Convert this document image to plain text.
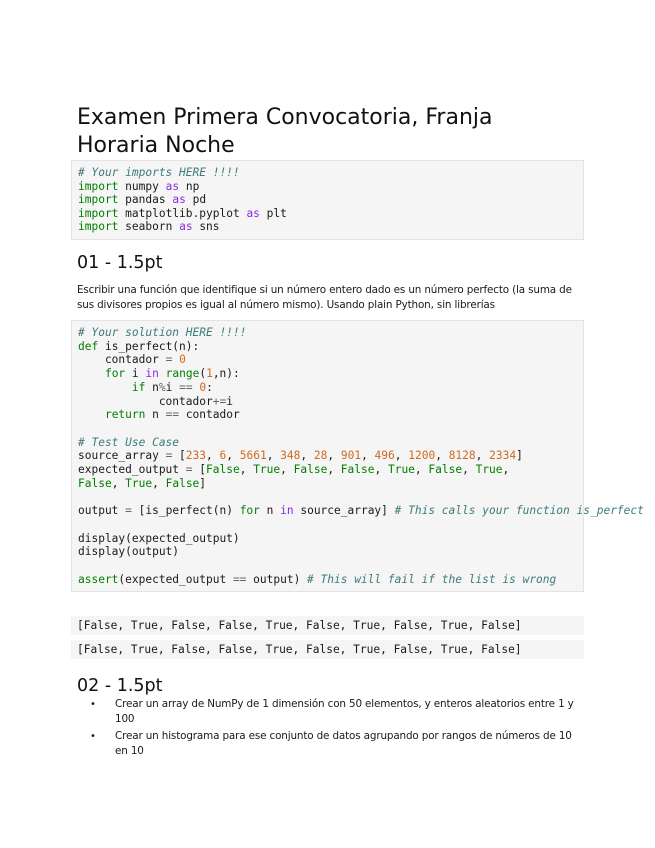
Examen Primera Convocatoria, Franja Horaria Noche
# Your imports HERE !!!!
import numpy as np
import pandas as pd
import matplotlib.pyplot as plt
import seaborn as sns
01 - 1.5pt

Escribir una función que identifique si un número entero dado es un número perfecto (la suma de sus divisores propios es igual al número mismo). Usando plain Python, sin librerías

# Your solution HERE !!!!
def is_perfect(n):
contador = 0
for i in range(1,n):
if n%i == 0:
contador+=i
return n == contador

# Test Use Case
source_array = [233, 6, 5661, 348, 28, 901, 496, 1200, 8128, 2334]
expected_output = [False, True, False, False, True, False, True,
False, True, False]

output = [is_perfect(n) for n in source_array] # This calls your function is_perfect

display(expected_output)
display(output)

assert(expected_output == output) # This will fail if the list is wrong
[False, True, False, False, True, False, True, False, True, False]
[False, True, False, False, True, False, True, False, True, False]
02 - 1.5pt
• Crear un array de NumPy de 1 dimensión con 50 elementos, y enteros aleatorios entre 1 y 100
• Crear un histograma para ese conjunto de datos agrupando por rangos de números de 10 en 10
